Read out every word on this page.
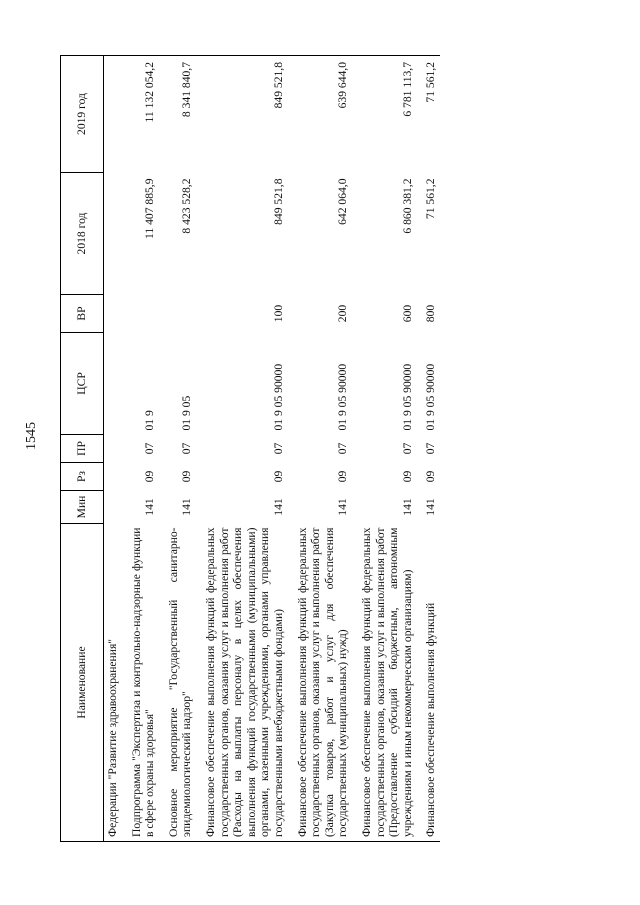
1545
Наименование	Мин	Рз	ПР	ЦСР	ВР	2018 год	2019 год
Федерации "Развитие здравоохранения"							
Подпрограмма "Экспертиза и контрольно-надзорные функции в сфере охраны здоровья"	141	09	07	01 9		11 407 885,9	11 132 054,2
Основное мероприятие "Государственный санитарно-эпидемиологический надзор"	141	09	07	01 9 05		8 423 528,2	8 341 840,7
Финансовое обеспечение выполнения функций федеральных государственных органов, оказания услуг и выполнения работ (Расходы на выплаты персоналу в целях обеспечения выполнения функций государственными (муниципальными) органами, казенными учреждениями, органами управления государственными внебюджетными фондами)	141	09	07	01 9 05 90000	100	849 521,8	849 521,8
Финансовое обеспечение выполнения функций федеральных государственных органов, оказания услуг и выполнения работ (Закупка товаров, работ и услуг для обеспечения государственных (муниципальных) нужд)	141	09	07	01 9 05 90000	200	642 064,0	639 644,0
Финансовое обеспечение выполнения функций федеральных государственных органов, оказания услуг и выполнения работ (Предоставление субсидий бюджетным, автономным учреждениям и иным некоммерческим организациям)	141	09	07	01 9 05 90000	600	6 860 381,2	6 781 113,7
Финансовое обеспечение выполнения функций	141	09	07	01 9 05 90000	800	71 561,2	71 561,2
